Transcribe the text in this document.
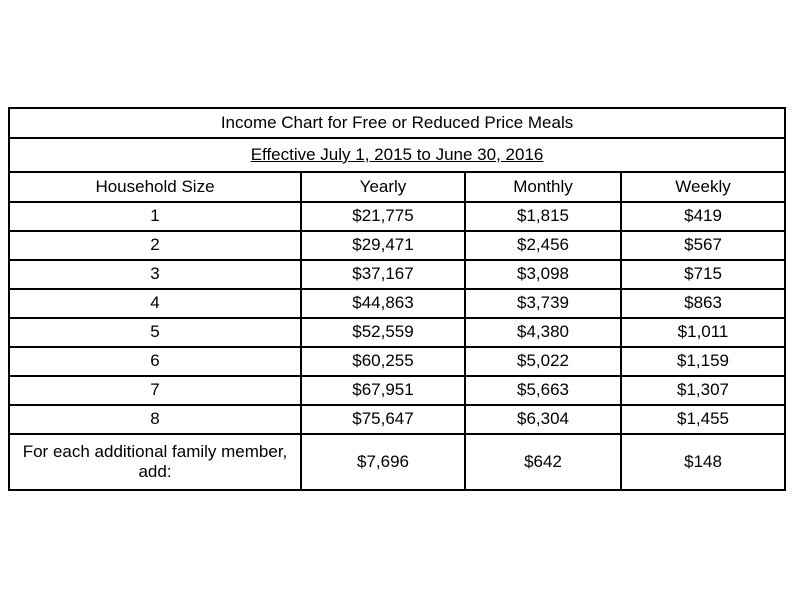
Income Chart for Free or Reduced Price Meals			
Effective July 1, 2015 to June 30, 2016			
Household Size	Yearly	Monthly	Weekly
1	$21,775	$1,815	$419
2	$29,471	$2,456	$567
3	$37,167	$3,098	$715
4	$44,863	$3,739	$863
5	$52,559	$4,380	$1,011
6	$60,255	$5,022	$1,159
7	$67,951	$5,663	$1,307
8	$75,647	$6,304	$1,455
For each additional family member, add:	$7,696	$642	$148
